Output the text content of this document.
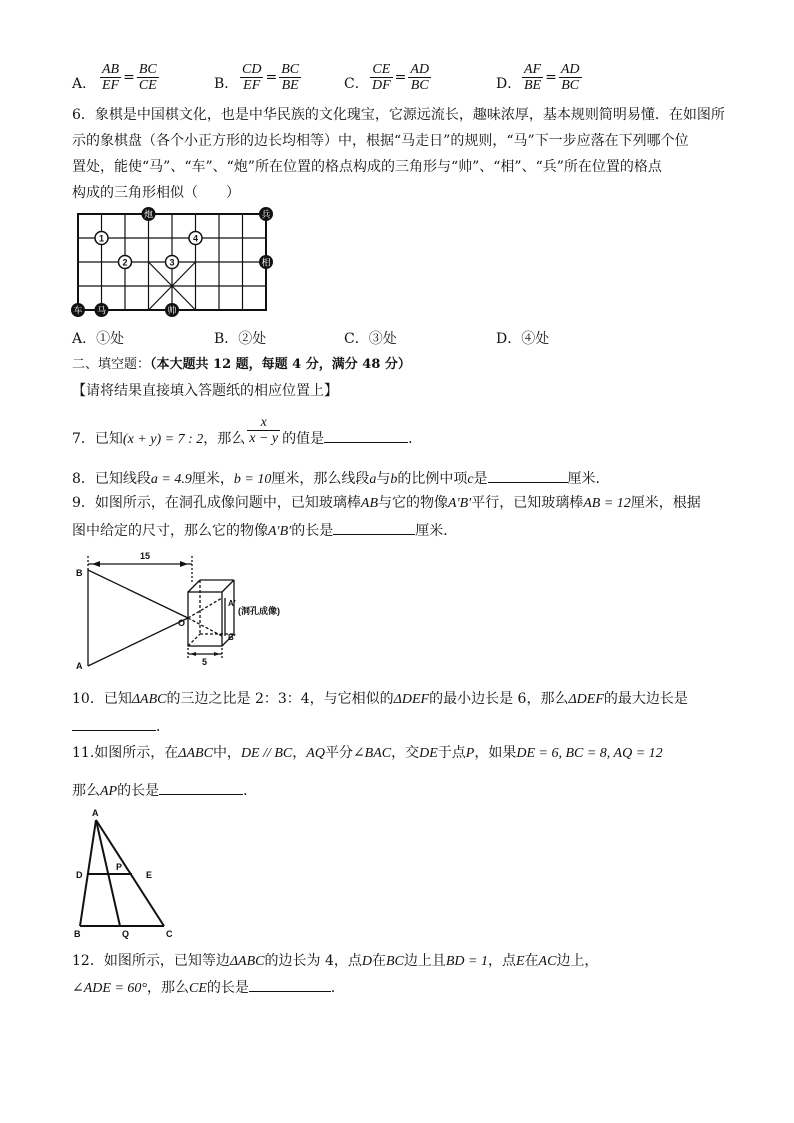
A． $\frac{AB}{EF} = \frac{BC}{CE}$	B． $\frac{CD}{EF} = \frac{BC}{BE}$	C． $\frac{CE}{DF} = \frac{AD}{BC}$	D． $\frac{AF}{BE} = \frac{AD}{BC}$
6．象棋是中国棋文化，也是中华民族的文化瑰宝，它源远流长，趣味浓厚，基本规则简明易懂．在如图所
示的象棋盘（各个小正方形的边长均相等）中，根据“马走日”的规则，“马”下一步应落在下列哪个位
置处，能使“马”、“车”、“炮”所在位置的格点构成的三角形与“帅”、“相”、“兵”所在位置的格点
构成的三角形相似（　　）
炮	兵
相
车 马	帅
1
2	3
4
A．①处	B．②处	C．③处	D．④处
二、填空题：（本大题共 12 题，每题 4 分，满分 48 分）
【请将结果直接填入答题纸的相应位置上】
7．已知(x + y) = 7 : 2，那么 $\frac{x}{x - y}$ 的值是	．
8．已知线段a = 4.9厘米，b = 10厘米，那么线段a与b的比例中项c是	厘米．
9．如图所示，在洞孔成像问题中，已知玻璃棒AB与它的物像A′B′平行，已知玻璃棒AB = 12厘米，根据
图中给定的尺寸，那么它的物像A′B′的长是	厘米．
15
5
B
A
O
A′
B′
(洞孔成像)
10．已知ΔABC的三边之比是 2：3：4，与它相似的ΔDEF的最小边长是 6，那么ΔDEF的最大边长是
．
11.如图所示，在ΔABC中，DE // BC，AQ平分∠BAC，交DE于点P，如果DE = 6, BC = 8, AQ = 12
那么AP的长是	．
A
B	C
D	E
P
Q
12．如图所示，已知等边ΔABC的边长为 4，点D在BC边上且BD = 1，点E在AC边上，
∠ADE = 60°，那么CE的长是	．
